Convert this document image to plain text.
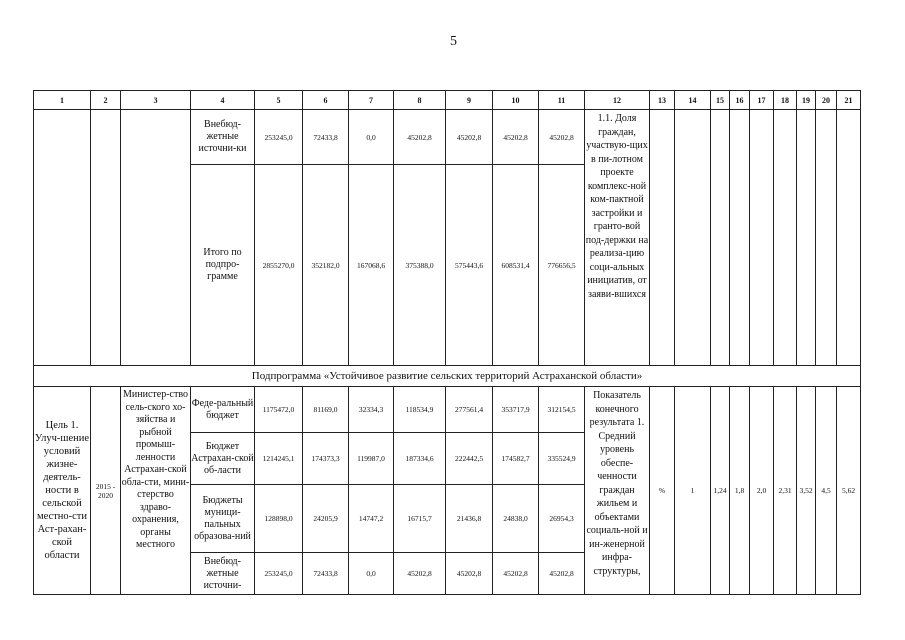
5
1	2	3	4	5	6	7	8	9	10	11	12	13	14	15	16	17	18	19	20	21
			Внебюд-жетные источни-ки	253245,0	72433,8	0,0	45202,8	45202,8	45202,8	45202,8	1.1. Доля граждан, участвую-щих в пи-лотном проекте комплекс-ной ком-пактной застройки и гранто-вой под-держки на реализа-цию соци-альных инициатив, от заяви-вшихся									
			Итого по подпро-грамме	2855270,0	352182,0	167068,6	375388,0	575443,6	608531,4	776656,5										
Подпрограмма «Устойчивое развитие сельских территорий Астраханской области»																				
Цель 1. Улуч-шение условий жизне-деятель-ности в сельской местно-сти Аст-рахан-ской области	2015 - 2020	Министер-ство сель-ского хо-зяйства и рыбной промыш-ленности Астрахан-ской обла-сти, мини-стерство здраво-охранения, органы местного	Феде-ральный бюджет	1175472,0	81169,0	32334,3	118534,9	277561,4	353717,9	312154,5	Показатель конечного результата 1. Средний уровень обеспе-ченности граждан жильем и объектами социаль-ной и ин-женерной инфра-структуры,	%	1	1,24	1,8	2,0	2,31	3,52	4,5	5,62
			Бюджет Астрахан-ской об-ласти	1214245,1	174373,3	119987,0	187334,6	222442,5	174582,7	335524,9										
			Бюджеты муници-пальных образова-ний	128898,0	24205,9	14747,2	16715,7	21436,8	24838,0	26954,3										
			Внебюд-жетные источни-	253245,0	72433,8	0,0	45202,8	45202,8	45202,8	45202,8										
